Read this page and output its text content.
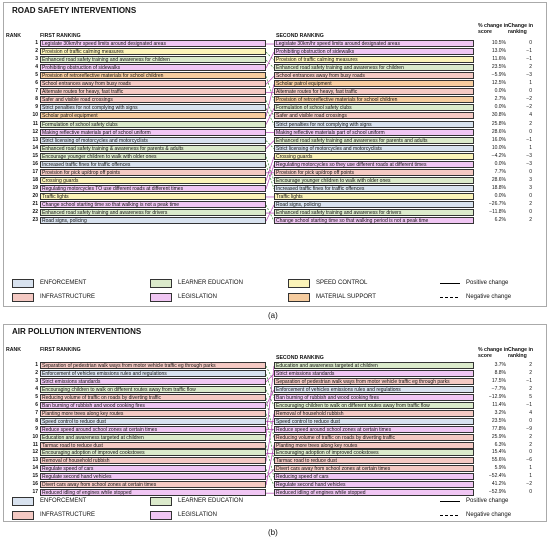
ROAD SAFETY INTERVENTIONS
RANK	FIRST RANKING	SECOND RANKING
% change in score
Change in ranking
(a)
AIR POLLUTION INTERVENTIONS
RANK	FIRST RANKING
SECOND RANKING
% change in score
Change in ranking
(b)
1 Legislate 30km/hr speed limits around designated areas	Legislate 30km/hr speed limits around designated areas	10.5%	0
2 Provision of traffic calming measures	Prohibiting obstruction of sidewalks	13.0%	−1
3 Enhanced road safety training and awareness for children	Provision of traffic calming measures	11.6%	−1
4 Prohibiting obstruction of sidewalks	Enhanced road safety training and awareness for children	23.5%	2
5 Provision of retroreflective materials for school children	School entrances away from busy roads	−5.9%	−3
6 School entrances away from busy roads	Scholar patrol equipment	12.5%	1
7 Alternate routes for heavy, fast traffic	Alternate routes for heavy, fast traffic	0.0%	0
8 Safer and visible road crossings	Provision of retroreflective materials for school children	2.7%	−2
9 Strict penalties for not complying with signs	Formulation of school safety clubs	0.0%	−2
10 Scholar patrol equipment	Safer and visible road crossings	30.8%	4
11 Formulation of school safety clubs	Strict penalties for not complying with signs	25.8%	2
12 Making reflective materials part of school uniform	Making reflective materials part of school uniform	28.6%	0
13 Strict licensing of motorcycles and motorcyclists	Enhanced road safety training and awareness for parents and adults	16.0%	−1
14 Enhanced road safety training & awareness for parents & adults	Strict licensing of motorcycles and motorcyclists	10.0%	1
15 Encourage younger children to walk with older ones	Crossing guards	−4.2%	−3
16 Increased traffic fines for traffic offences	Regulating motorcycles so they use different roads at different times	0.0%	−3
17 Provision for pick up/drop off points	Provision for pick up/drop off points	7.7%	0
18 Crossing guards	Encourage younger children to walk with older ones	28.6%	3
19 Regulating motorcycles TO use different roads at different times	Increased traffic fines for traffic offences	18.8%	3
20 Traffic lights	Traffic lights	0.0%	0
21 Change school starting time so that walking is not a peak time	Road signs, policing	−26.7%	2
22 Enhanced road safety training and awareness for drivers	Enhanced road safety training and awareness for drivers	−11.8%	0
23 Road signs, policing	Change school starting time so that walking period is not a peak time	6.2%	2
ENFORCEMENT	LEARNER EDUCATION	SPEED CONTROL
INFRASTRUCTURE	LEGISLATION	MATERIAL SUPPORT
Positive change
Negative change
1 Separation of pedestrian walk ways from motor vehicle traffic eg through parks	Education and awareness targeted at children	3.7%	2
2 Enforcement of vehicles emissions rules and regulations	Strict emissions standards	8.8%	2
3 Strict emissions standards	Separation of pedestrian walk ways from motor vehicle traffic eg through parks	17.5%	−1
4 Encouraging children to walk on different routes away from traffic flow	Enforcement of vehicles emissions rules and regulations	−7.7%	2
5 Reducing volume of traffic on roads by diverting traffic	Ban burning of rubbish and wood cooking fires	−12.9%	5
6 Ban burning of rubbish and wood cooking fires	Encouraging children to walk on different routes away from traffic flow	11.4%	−1
7 Planting more trees along key routes	Removal of household rubbish	3.2%	4
8 Speed control to reduce dust	Speed control to reduce dust	23.5%	0
9 Reduce speed around school zones at certain times	Reduce speed around school zones at certain times	77.8%	−9
10 Education and awareness targeted at children	Reducing volume of traffic on roads by diverting traffic	25.9%	2
11 Tarmac road to reduce dust	Planting more trees along key routes	6.3%	2
12 Encouraging adoption of improved cookstoves	Encouraging adoption of improved cookstoves	15.4%	0
13 Removal of household rubbish	Tarmac road to reduce dust	55.6%	−6
14 Regulate speed of cars	Divert cars away from school zones at certain times	5.9%	1
15 Regulate second hand vehicles	Reducing speed of cars	−52.4%	1
16 Divert cars away from school zones at certain times	Regulate second hand vehicles	41.2%	−2
17 Reduced idling of engines while stopped	Reduced idling of engines while stopped	−52.9%	0
ENFORCEMENT	LEARNER EDUCATION
INFRASTRUCTURE	LEGISLATION
Positive change
Negative change
